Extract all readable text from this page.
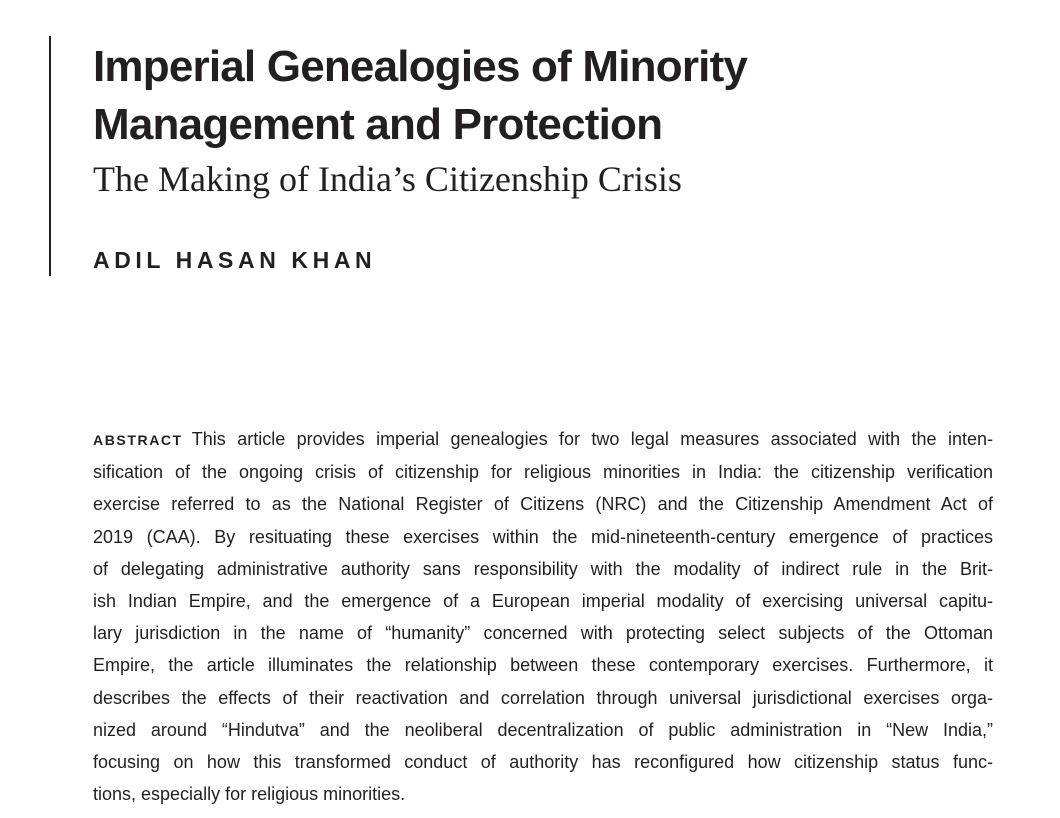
Imperial Genealogies of Minority
Management and Protection
The Making of India’s Citizenship Crisis
ADIL HASAN KHAN
ABSTRACT This article provides imperial genealogies for two legal measures associated with the inten-
sification of the ongoing crisis of citizenship for religious minorities in India: the citizenship verification
exercise referred to as the National Register of Citizens (NRC) and the Citizenship Amendment Act of
2019 (CAA). By resituating these exercises within the mid-nineteenth-century emergence of practices
of delegating administrative authority sans responsibility with the modality of indirect rule in the Brit-
ish Indian Empire, and the emergence of a European imperial modality of exercising universal capitu-
lary jurisdiction in the name of “humanity” concerned with protecting select subjects of the Ottoman
Empire, the article illuminates the relationship between these contemporary exercises. Furthermore, it
describes the effects of their reactivation and correlation through universal jurisdictional exercises orga-
nized around “Hindutva” and the neoliberal decentralization of public administration in “New India,”
focusing on how this transformed conduct of authority has reconfigured how citizenship status func-
tions, especially for religious minorities.
